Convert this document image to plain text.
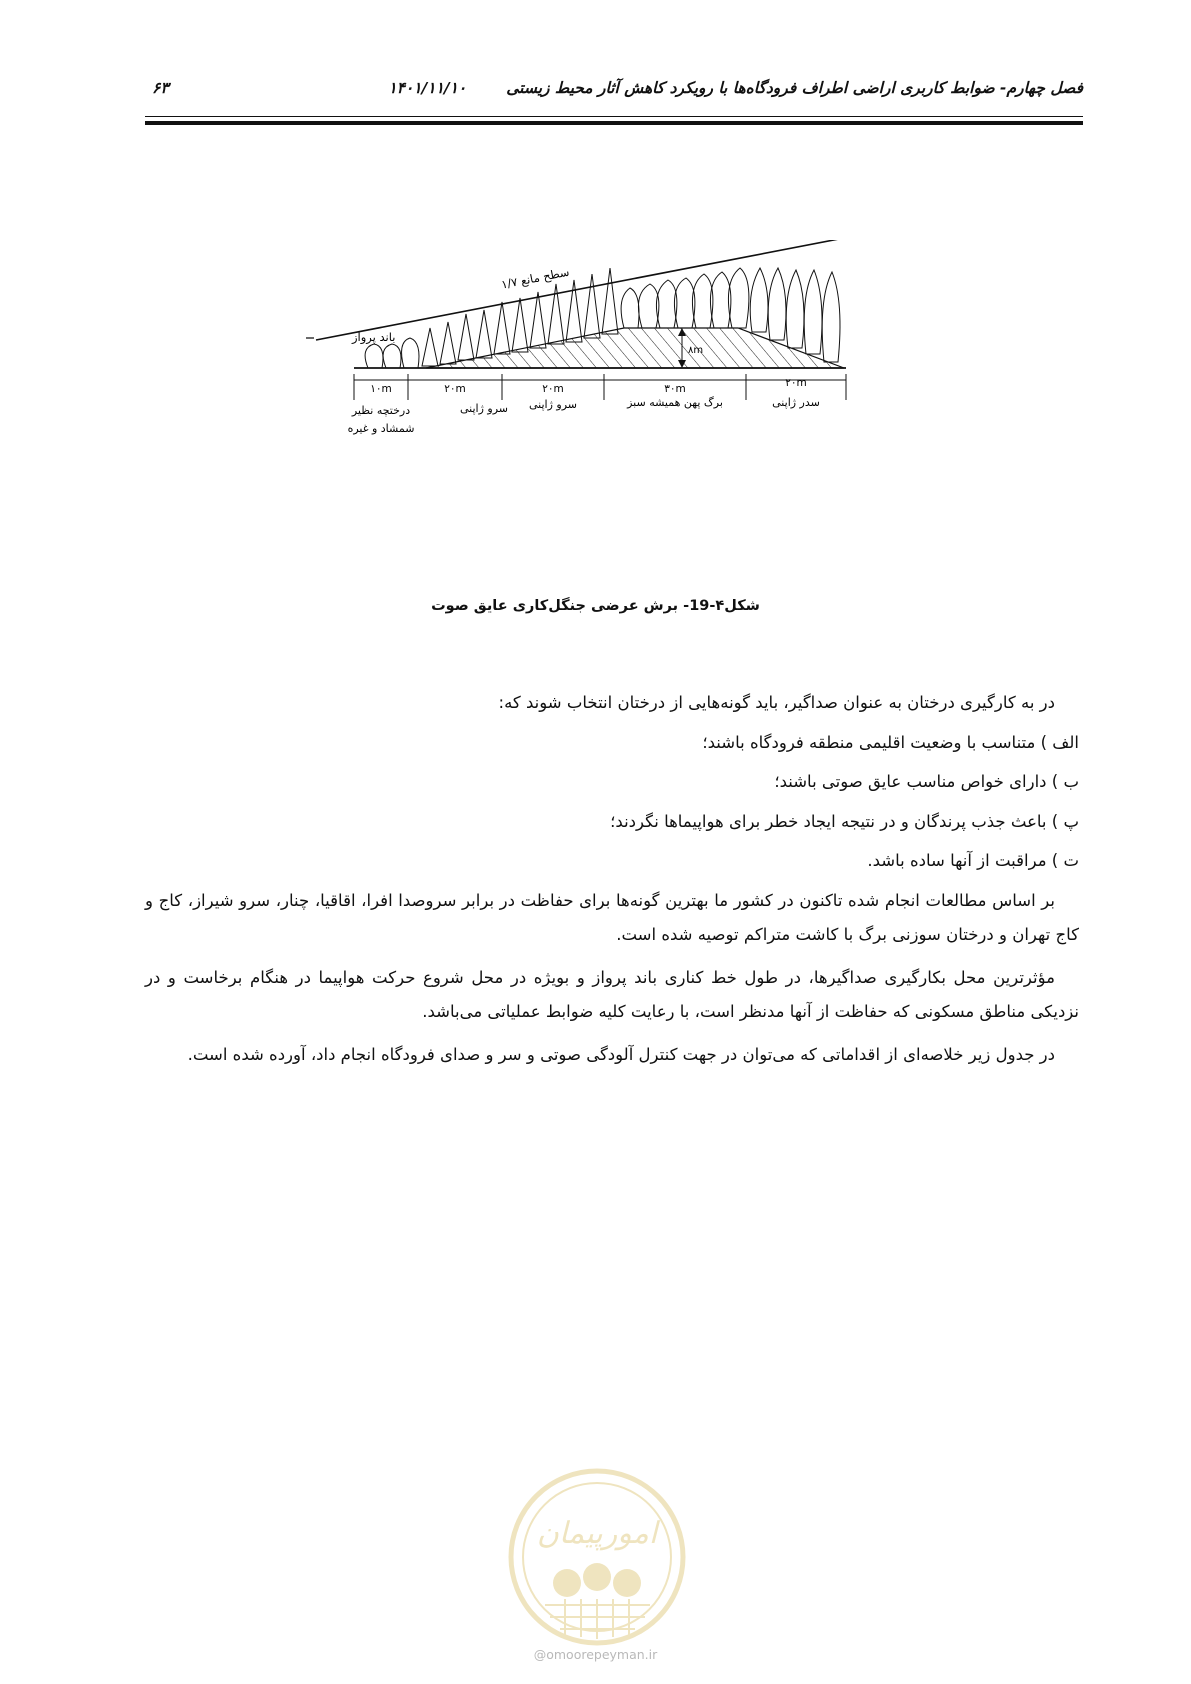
فصل چهارم- ضوابط کاربری اراضی اطراف فرودگاه‌ها با رویکرد کاهش آثار محیط زیستی
۱۴۰۱/۱۱/۱۰
۶۳
سطح مانع ۱/۷
۸m
باند پرواز
۱۰m	۲۰m	۲۰m	۳۰m	۲۰m
درختچه نظیر
شمشاد و غیره
سرو ژاپنی سرو ژاپنی	برگ پهن همیشه سبز	سدر ژاپنی
شکل۴-19- برش عرضی جنگل‌کاری عایق صوت

در به کارگیری درختان به عنوان صداگیر، باید گونه‌هایی از درختان انتخاب شوند که:

الف ) متناسب با وضعیت اقلیمی منطقه فرودگاه باشند؛

ب ) دارای خواص مناسب عایق صوتی باشند؛

پ ) باعث جذب پرندگان و در نتیجه ایجاد خطر برای هواپیماها نگردند؛

ت ) مراقبت از آنها ساده باشد.

بر اساس مطالعات انجام شده تاکنون در کشور ما بهترین گونه‌ها برای حفاظت در برابر سروصدا افرا، اقاقیا، چنار، سرو شیراز، کاج و کاج تهران و درختان سوزنی برگ با کاشت متراکم توصیه شده است.

مؤثرترین محل بکارگیری صداگیرها، در طول خط کناری باند پرواز و بویژه در محل شروع حرکت هواپیما در هنگام برخاست و در نزدیکی مناطق مسکونی که حفاظت از آنها مدنظر است، با رعایت کلیه ضوابط عملیاتی می‌باشد.

در جدول زیر خلاصه‌ای از اقداماتی که می‌توان در جهت کنترل آلودگی صوتی و سر و صدای فرودگاه انجام داد، آورده شده است.

امورپیمان
@omoorepeyman.ir
